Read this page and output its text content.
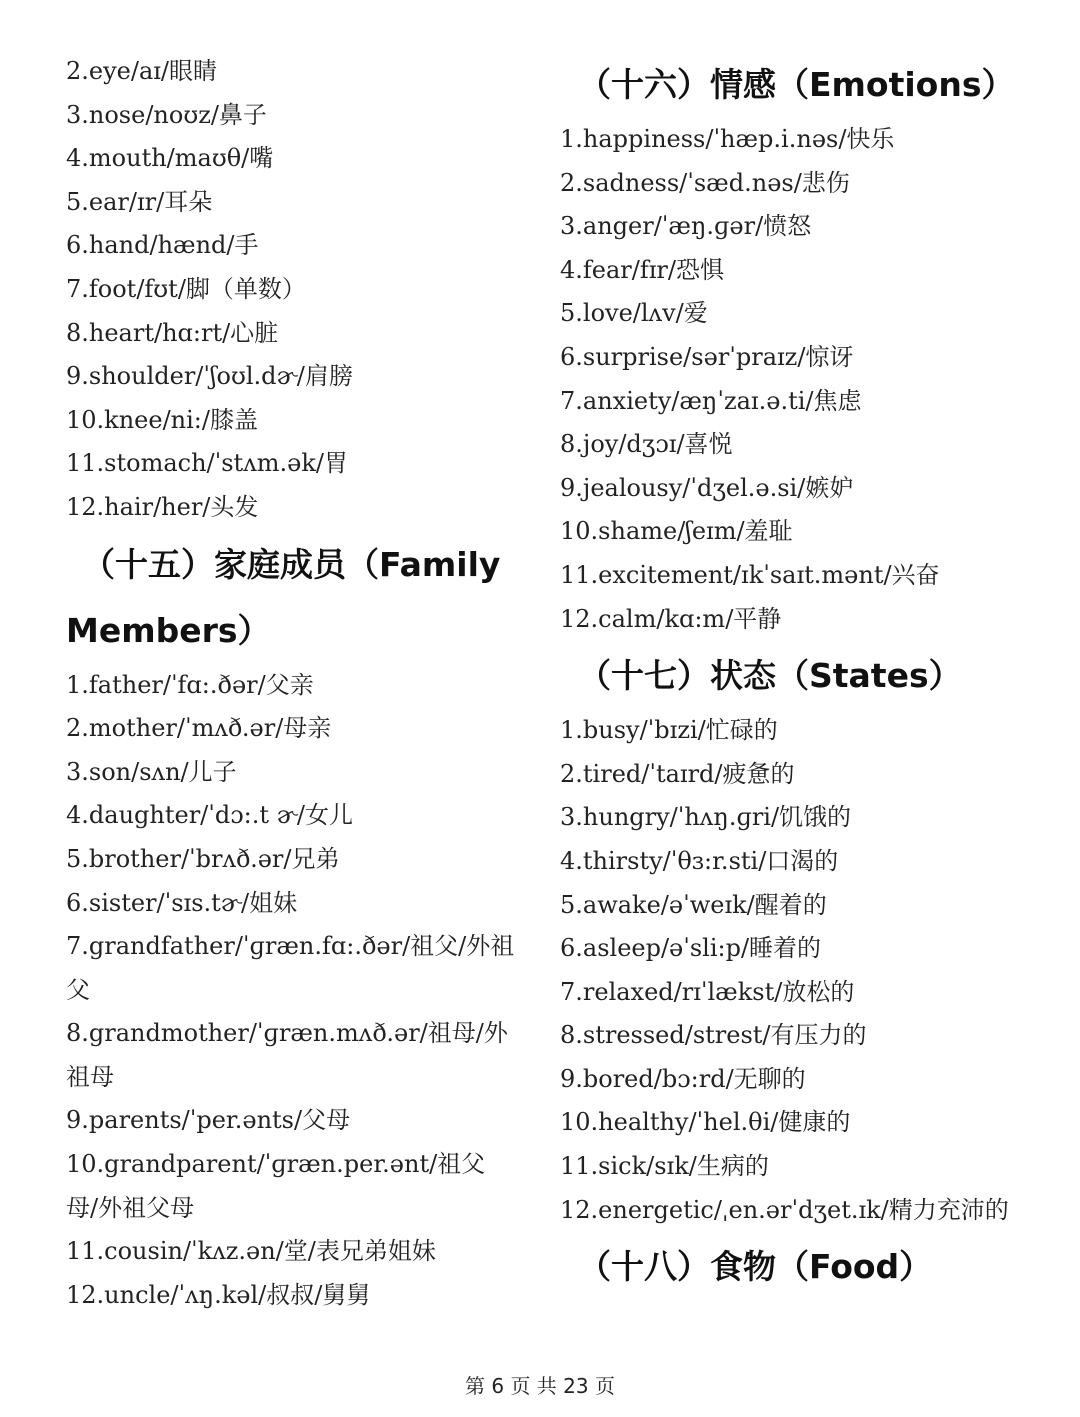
2.eye/aɪ/眼睛
3.nose/noʊz/鼻子
4.mouth/maʊθ/嘴
5.ear/ɪr/耳朵
6.hand/hænd/手
7.foot/fʊt/脚（单数）
8.heart/hɑ:rt/心脏
9.shoulder/ˈʃoʊl.dɚ/肩膀
10.knee/ni:/膝盖
11.stomach/ˈstʌm.ək/胃
12.hair/her/头发
（十五）家庭成员（Family
Members）
1.father/ˈfɑ:.ðər/父亲
2.mother/ˈmʌð.ər/母亲
3.son/sʌn/儿子
4.daughter/ˈdɔ:.t ɚ/女儿
5.brother/ˈbrʌð.ər/兄弟
6.sister/ˈsɪs.tɚ/姐妹
7.grandfather/ˈɡræn.fɑ:.ðər/祖父/外祖父
8.grandmother/ˈɡræn.mʌð.ər/祖母/外祖母
9.parents/ˈper.ənts/父母
10.grandparent/ˈɡræn.per.ənt/祖父母/外祖父母
11.cousin/ˈkʌz.ən/堂/表兄弟姐妹
12.uncle/ˈʌŋ.kəl/叔叔/舅舅
（十六）情感（Emotions）
1.happiness/ˈhæp.i.nəs/快乐
2.sadness/ˈsæd.nəs/悲伤
3.anger/ˈæŋ.ɡər/愤怒
4.fear/fɪr/恐惧
5.love/lʌv/爱
6.surprise/sərˈpraɪz/惊讶
7.anxiety/æŋˈzaɪ.ə.ti/焦虑
8.joy/dʒɔɪ/喜悦
9.jealousy/ˈdʒel.ə.si/嫉妒
10.shame/ʃeɪm/羞耻
11.excitement/ɪkˈsaɪt.mənt/兴奋
12.calm/kɑ:m/平静
（十七）状态（States）
1.busy/ˈbɪzi/忙碌的
2.tired/ˈtaɪrd/疲惫的
3.hungry/ˈhʌŋ.ɡri/饥饿的
4.thirsty/ˈθɜ:r.sti/口渴的
5.awake/əˈweɪk/醒着的
6.asleep/əˈsli:p/睡着的
7.relaxed/rɪˈlækst/放松的
8.stressed/strest/有压力的
9.bored/bɔ:rd/无聊的
10.healthy/ˈhel.θi/健康的
11.sick/sɪk/生病的
12.energetic/ˌen.ərˈdʒet.ɪk/精力充沛的
（十八）食物（Food）
第 6 页 共 23 页
